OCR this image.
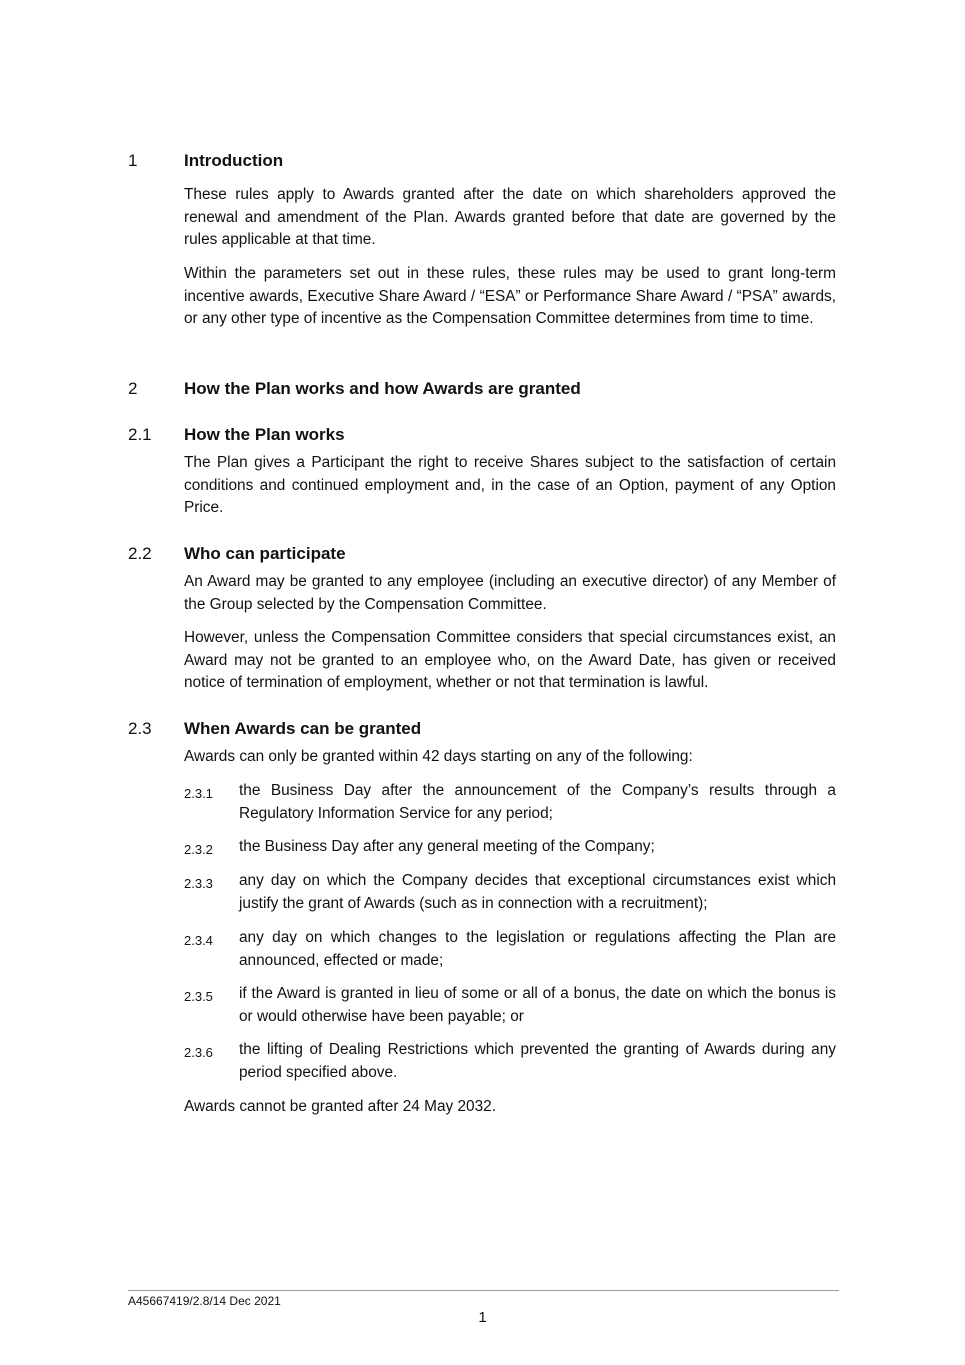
1	Introduction

These rules apply to Awards granted after the date on which shareholders approved the renewal and amendment of the Plan. Awards granted before that date are governed by the rules applicable at that time.

Within the parameters set out in these rules, these rules may be used to grant long-term incentive awards, Executive Share Award / “ESA” or Performance Share Award / “PSA” awards, or any other type of incentive as the Compensation Committee determines from time to time.

2	How the Plan works and how Awards are granted
2.1 How the Plan works

The Plan gives a Participant the right to receive Shares subject to the satisfaction of certain conditions and continued employment and, in the case of an Option, payment of any Option Price.

2.2 Who can participate

An Award may be granted to any employee (including an executive director) of any Member of the Group selected by the Compensation Committee.

However, unless the Compensation Committee considers that special circumstances exist, an Award may not be granted to an employee who, on the Award Date, has given or received notice of termination of employment, whether or not that termination is lawful.

2.3 When Awards can be granted

Awards can only be granted within 42 days starting on any of the following:

2.3.1 the Business Day after the announcement of the Company’s results through a Regulatory Information Service for any period;

2.3.2 the Business Day after any general meeting of the Company;

2.3.3 any day on which the Company decides that exceptional circumstances exist which justify the grant of Awards (such as in connection with a recruitment);

2.3.4 any day on which changes to the legislation or regulations affecting the Plan are announced, effected or made;

2.3.5 if the Award is granted in lieu of some or all of a bonus, the date on which the bonus is or would otherwise have been payable; or

2.3.6 the lifting of Dealing Restrictions which prevented the granting of Awards during any period specified above.

Awards cannot be granted after 24 May 2032.

A45667419/2.8/14 Dec 2021
1
